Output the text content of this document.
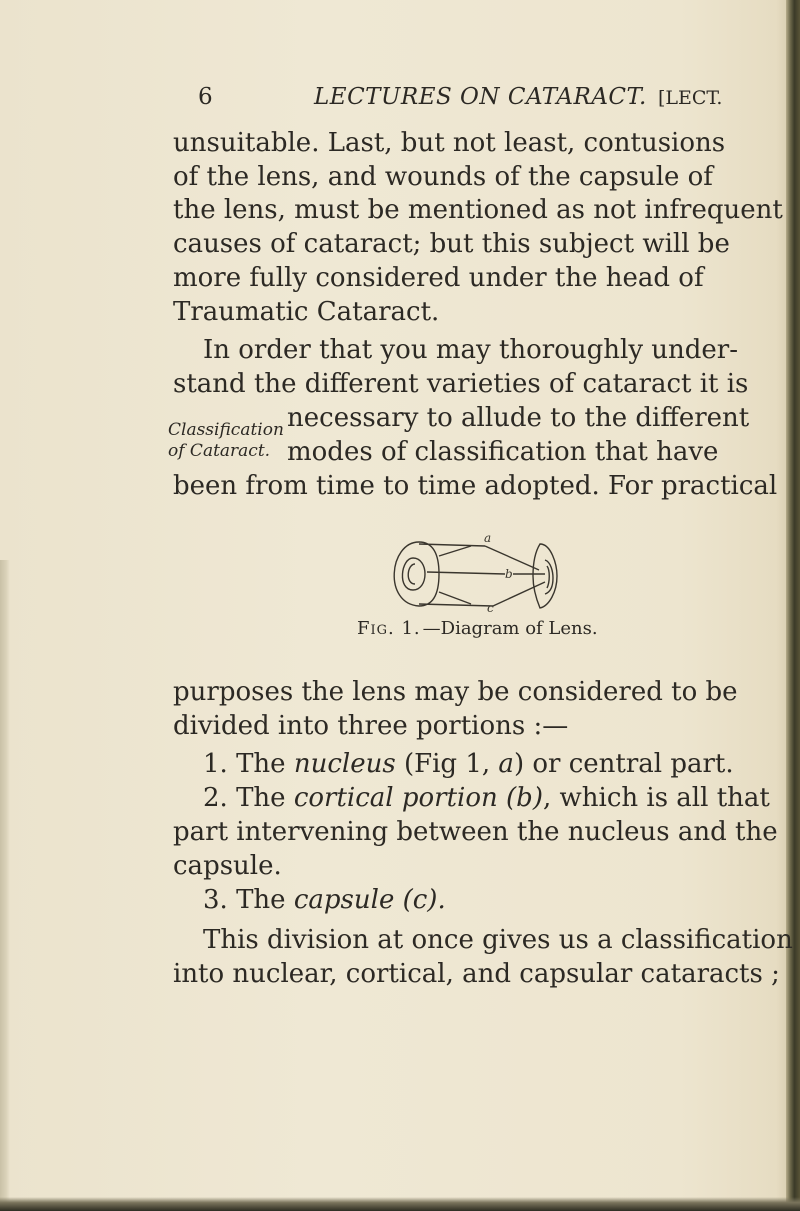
6	LECTURES ON CATARACT. [LECT.
unsuitable. Last, but not least, contusions
of the lens, and wounds of the capsule of
the lens, must be mentioned as not infrequent
causes of cataract; but this subject will be
more fully considered under the head of
Traumatic Cataract.
In order that you may thoroughly under-
stand the different varieties of cataract it is
necessary to allude to the different
modes of classification that have
been from time to time adopted. For practical
Classification
of Cataract.
a
b
c
Fig. 1. —Diagram of Lens.
purposes the lens may be considered to be
divided into three portions :—
1. The nucleus (Fig 1, a) or central part.
2. The cortical portion (b), which is all that
part intervening between the nucleus and the
capsule.
3. The capsule (c).
This division at once gives us a classification
into nuclear, cortical, and capsular cataracts ;
